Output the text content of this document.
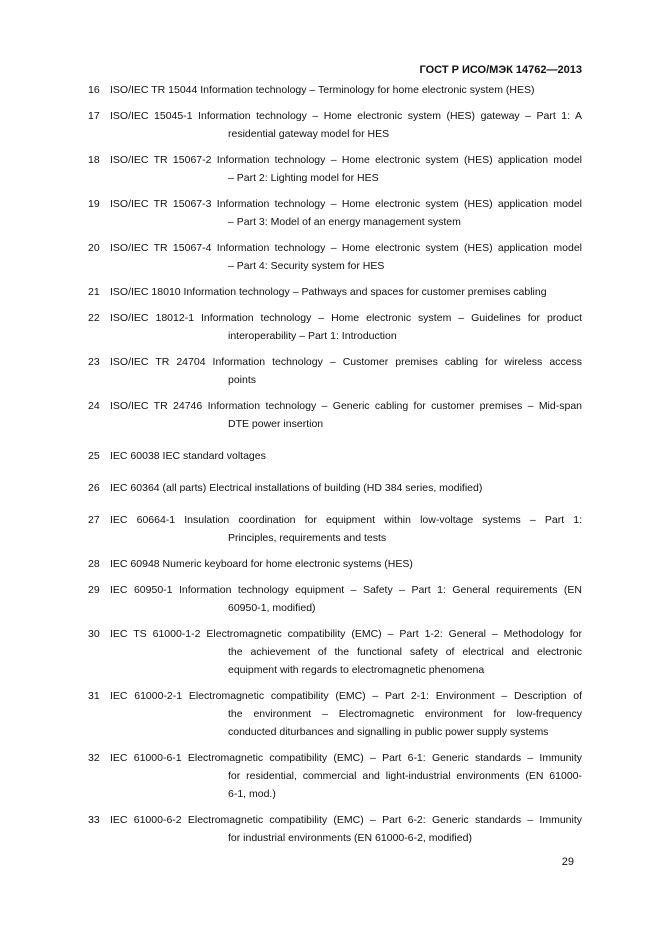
ГОСТ Р ИСО/МЭК 14762—2013
16 ISO/IEC TR 15044 Information technology – Terminology for home electronic system (HES)
17 ISO/IEC 15045-1 Information technology – Home electronic system (HES) gateway – Part 1: A
residential gateway model for HES
18 ISO/IEC TR 15067-2 Information technology – Home electronic system (HES) application model
– Part 2: Lighting model for HES
19 ISO/IEC TR 15067-3 Information technology – Home electronic system (HES) application model
– Part 3: Model of an energy management system
20 ISO/IEC TR 15067-4 Information technology – Home electronic system (HES) application model
– Part 4: Security system for HES
21 ISO/IEC 18010 Information technology – Pathways and spaces for customer premises cabling
22 ISO/IEC 18012-1 Information technology – Home electronic system – Guidelines for product
interoperability – Part 1: Introduction
23 ISO/IEC TR 24704 Information technology – Customer premises cabling for wireless access
points
24 ISO/IEC TR 24746 Information technology – Generic cabling for customer premises – Mid-span
DTE power insertion
25 IEC 60038 IEC standard voltages
26 IEC 60364 (all parts) Electrical installations of building (HD 384 series, modified)
27 IEC 60664-1 Insulation coordination for equipment within low-voltage systems – Part 1:
Principles, requirements and tests
28 IEC 60948 Numeric keyboard for home electronic systems (HES)
29 IEC 60950-1 Information technology equipment – Safety – Part 1: General requirements (EN
60950-1, modified)
30 IEC TS 61000-1-2 Electromagnetic compatibility (EMC) – Part 1-2: General – Methodology for
the achievement of the functional safety of electrical and electronic
equipment with regards to electromagnetic phenomena
31 IEC 61000-2-1 Electromagnetic compatibility (EMC) – Part 2-1: Environment – Description of
the environment – Electromagnetic environment for low-frequency
conducted diturbances and signalling in public power supply systems
32 IEC 61000-6-1 Electromagnetic compatibility (EMC) – Part 6-1: Generic standards – Immunity
for residential, commercial and light-industrial environments (EN 61000-
6-1, mod.)
33 IEC 61000-6-2 Electromagnetic compatibility (EMC) – Part 6-2: Generic standards – Immunity
for industrial environments (EN 61000-6-2, modified)
29
